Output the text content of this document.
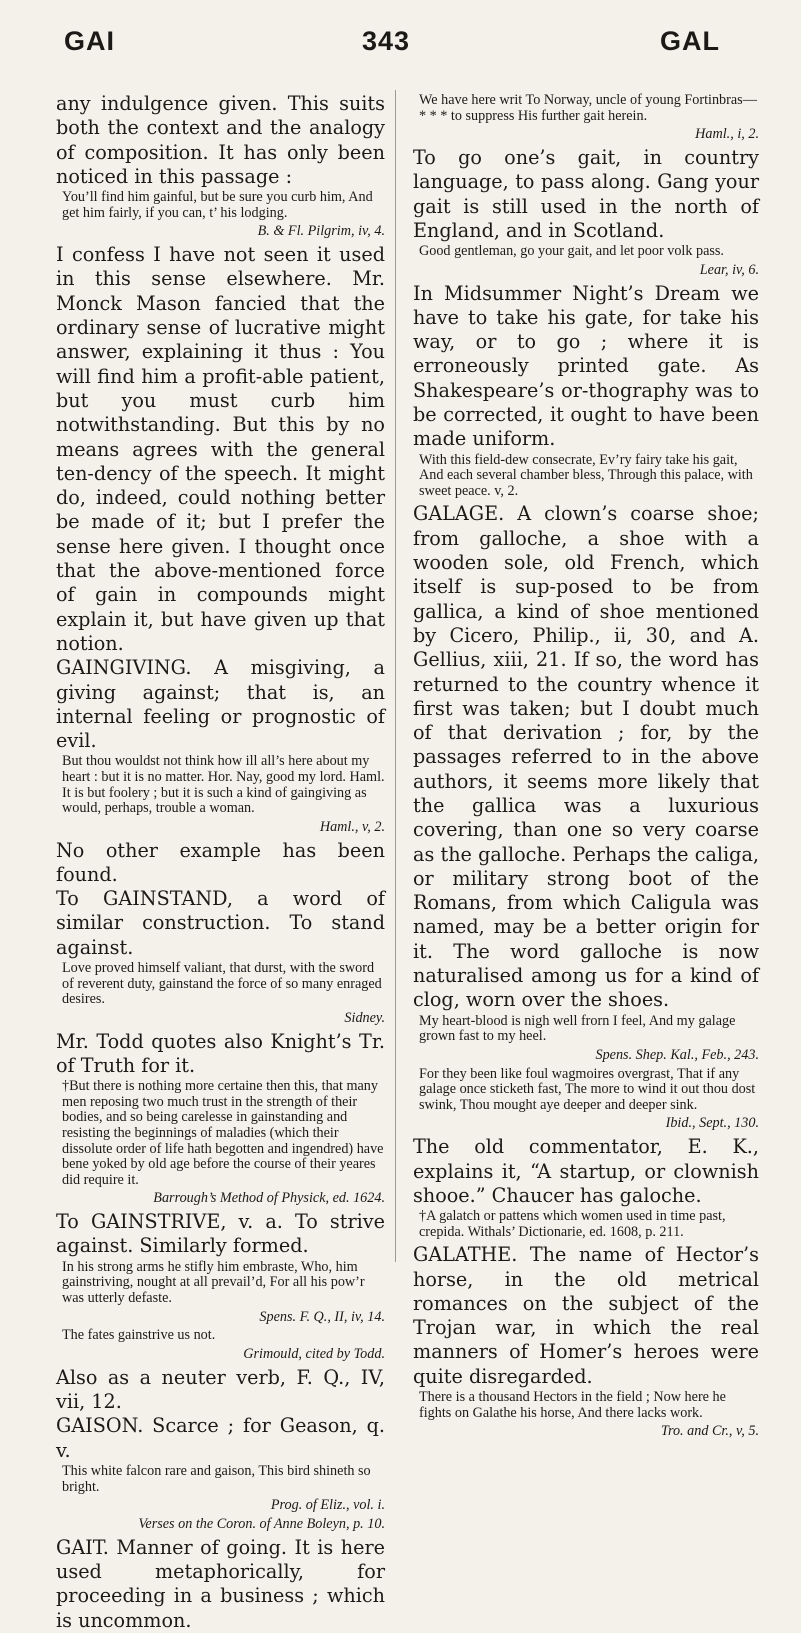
GAI	343	GAL

any indulgence given. This suits both the context and the analogy of composition. It has only been noticed in this passage :

You’ll find him gainful, but be sure you curb him, And get him fairly, if you can, t’ his lodging.

B. & Fl. Pilgrim, iv, 4.

I confess I have not seen it used in this sense elsewhere. Mr. Monck Mason fancied that the ordinary sense of lucrative might answer, explaining it thus : You will find him a profit-able patient, but you must curb him notwithstanding. But this by no means agrees with the general ten-dency of the speech. It might do, indeed, could nothing better be made of it; but I prefer the sense here given. I thought once that the above-mentioned force of gain in compounds might explain it, but have given up that notion.

GAINGIVING. A misgiving, a giving against; that is, an internal feeling or prognostic of evil.

But thou wouldst not think how ill all’s here about my heart : but it is no matter. Hor. Nay, good my lord. Haml. It is but foolery ; but it is such a kind of gaingiving as would, perhaps, trouble a woman.

Haml., v, 2.

No other example has been found.

To GAINSTAND, a word of similar construction. To stand against.

Love proved himself valiant, that durst, with the sword of reverent duty, gainstand the force of so many enraged desires.

Sidney.

Mr. Todd quotes also Knight’s Tr. of Truth for it.

†But there is nothing more certaine then this, that many men reposing two much trust in the strength of their bodies, and so being carelesse in gainstanding and resisting the beginnings of maladies (which their dissolute order of life hath begotten and ingendred) have bene yoked by old age before the course of their yeares did require it.

Barrough’s Method of Physick, ed. 1624.

To GAINSTRIVE, v. a. To strive against. Similarly formed.

In his strong arms he stifly him embraste, Who, him gainstriving, nought at all prevail’d, For all his pow’r was utterly defaste.

Spens. F. Q., II, iv, 14.

The fates gainstrive us not.

Grimould, cited by Todd.

Also as a neuter verb, F. Q., IV, vii, 12.

GAISON. Scarce ; for Geason, q. v.

This white falcon rare and gaison, This bird shineth so bright.

Prog. of Eliz., vol. i.

Verses on the Coron. of Anne Boleyn, p. 10.

GAIT. Manner of going. It is here used metaphorically, for proceeding in a business ; which is uncommon.

We have here writ To Norway, uncle of young Fortinbras— * * * to suppress His further gait herein.

Haml., i, 2.

To go one’s gait, in country language, to pass along. Gang your gait is still used in the north of England, and in Scotland.

Good gentleman, go your gait, and let poor volk pass.

Lear, iv, 6.

In Midsummer Night’s Dream we have to take his gate, for take his way, or to go ; where it is erroneously printed gate. As Shakespeare’s or-thography was to be corrected, it ought to have been made uniform.

With this field-dew consecrate, Ev’ry fairy take his gait, And each several chamber bless, Through this palace, with sweet peace. v, 2.

GALAGE. A clown’s coarse shoe; from galloche, a shoe with a wooden sole, old French, which itself is sup-posed to be from gallica, a kind of shoe mentioned by Cicero, Philip., ii, 30, and A. Gellius, xiii, 21. If so, the word has returned to the country whence it first was taken; but I doubt much of that derivation ; for, by the passages referred to in the above authors, it seems more likely that the gallica was a luxurious covering, than one so very coarse as the galloche. Perhaps the caliga, or military strong boot of the Romans, from which Caligula was named, may be a better origin for it. The word galloche is now naturalised among us for a kind of clog, worn over the shoes.

My heart-blood is nigh well frorn I feel, And my galage grown fast to my heel.

Spens. Shep. Kal., Feb., 243.

For they been like foul wagmoires overgrast, That if any galage once sticketh fast, The more to wind it out thou dost swink, Thou mought aye deeper and deeper sink.

Ibid., Sept., 130.

The old commentator, E. K., explains it, “A startup, or clownish shooe.” Chaucer has galoche.

†A galatch or pattens which women used in time past, crepida. Withals’ Dictionarie, ed. 1608, p. 211.

GALATHE. The name of Hector’s horse, in the old metrical romances on the subject of the Trojan war, in which the real manners of Homer’s heroes were quite disregarded.

There is a thousand Hectors in the field ; Now here he fights on Galathe his horse, And there lacks work.

Tro. and Cr., v, 5.
